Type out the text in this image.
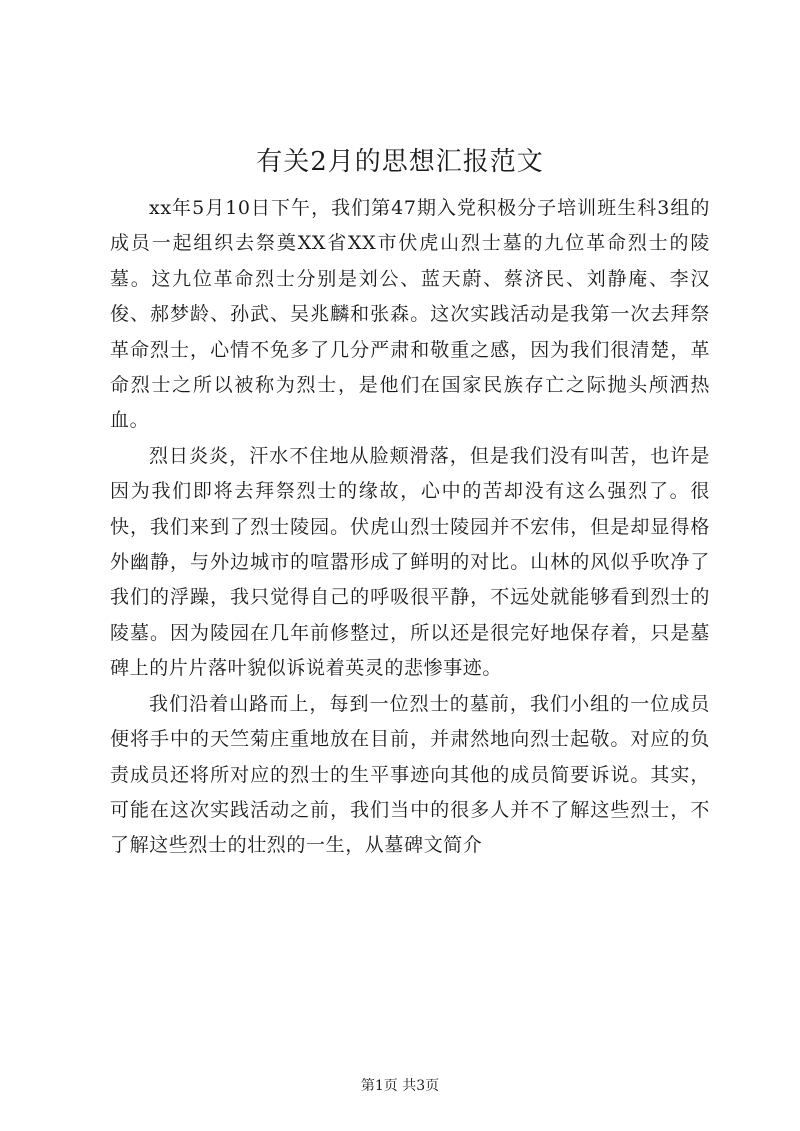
有关2月的思想汇报范文

xx年5月10日下午，我们第47期入党积极分子培训班生科3组的成员一起组织去祭奠XX省XX市伏虎山烈士墓的九位革命烈士的陵墓。这九位革命烈士分别是刘公、蓝天蔚、蔡济民、刘静庵、李汉俊、郝梦龄、孙武、吴兆麟和张森。这次实践活动是我第一次去拜祭革命烈士，心情不免多了几分严肃和敬重之感，因为我们很清楚，革命烈士之所以被称为烈士，是他们在国家民族存亡之际抛头颅洒热血。

烈日炎炎，汗水不住地从脸颊滑落，但是我们没有叫苦，也许是因为我们即将去拜祭烈士的缘故，心中的苦却没有这么强烈了。很快，我们来到了烈士陵园。伏虎山烈士陵园并不宏伟，但是却显得格外幽静，与外边城市的喧嚣形成了鲜明的对比。山林的风似乎吹净了我们的浮躁，我只觉得自己的呼吸很平静，不远处就能够看到烈士的陵墓。因为陵园在几年前修整过，所以还是很完好地保存着，只是墓碑上的片片落叶貌似诉说着英灵的悲惨事迹。

我们沿着山路而上，每到一位烈士的墓前，我们小组的一位成员便将手中的天竺菊庄重地放在目前，并肃然地向烈士起敬。对应的负责成员还将所对应的烈士的生平事迹向其他的成员简要诉说。其实，可能在这次实践活动之前，我们当中的很多人并不了解这些烈士，不了解这些烈士的壮烈的一生，从墓碑文简介

第1页 共3页
